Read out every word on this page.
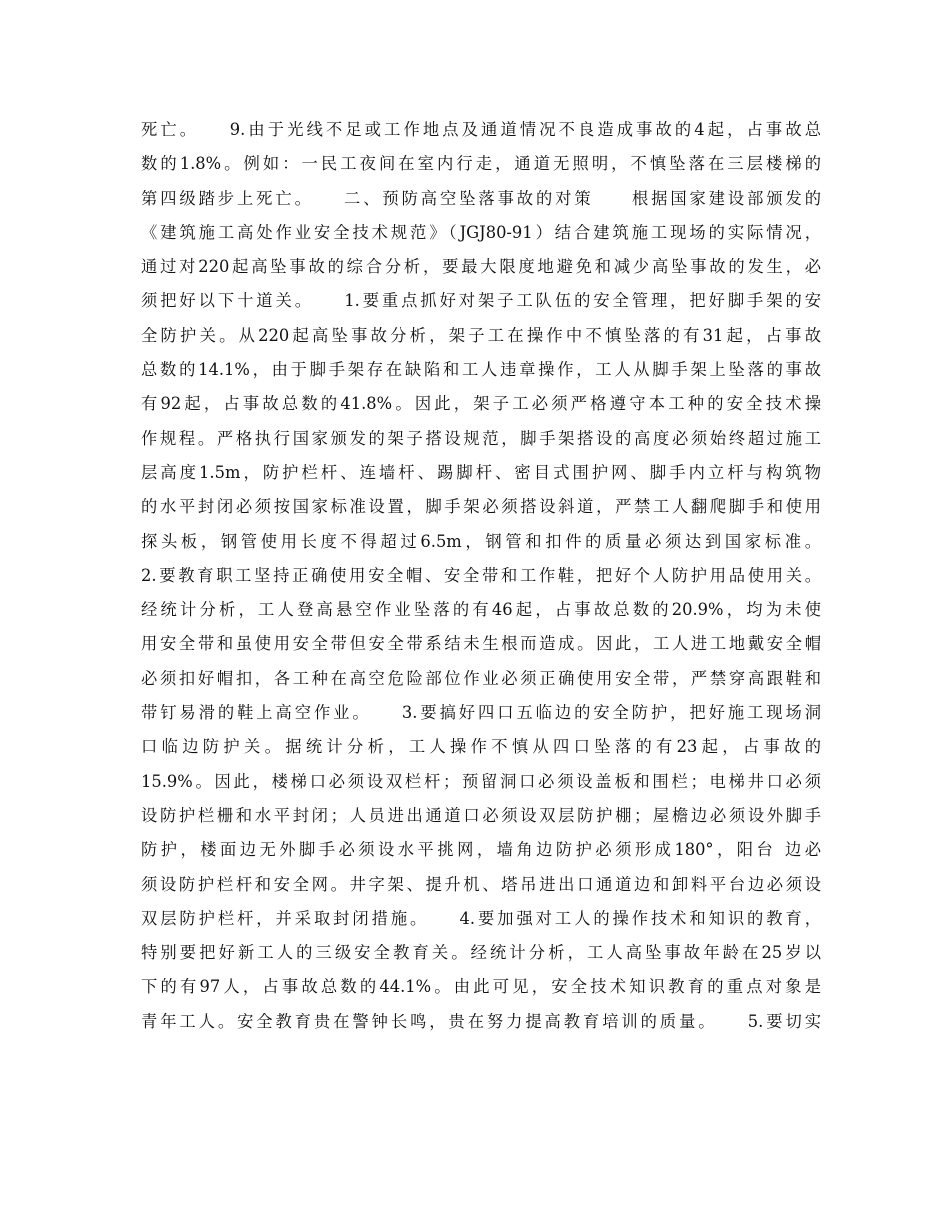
死亡。　　9.由于光线不足或工作地点及通道情况不良造成事故的4起，占事故总
数的1.8%。例如：一民工夜间在室内行走，通道无照明，不慎坠落在三层楼梯的
第四级踏步上死亡。　　二、预防高空坠落事故的对策　　根据国家建设部颁发的
《建筑施工高处作业安全技术规范》（JGJ80-91）结合建筑施工现场的实际情况，
通过对220起高坠事故的综合分析，要最大限度地避免和减少高坠事故的发生，必
须把好以下十道关。　　1.要重点抓好对架子工队伍的安全管理，把好脚手架的安
全防护关。从220起高坠事故分析，架子工在操作中不慎坠落的有31起，占事故
总数的14.1%，由于脚手架存在缺陷和工人违章操作，工人从脚手架上坠落的事故
有92起，占事故总数的41.8%。因此，架子工必须严格遵守本工种的安全技术操
作规程。严格执行国家颁发的架子搭设规范，脚手架搭设的高度必须始终超过施工
层高度1.5m，防护栏杆、连墙杆、踢脚杆、密目式围护网、脚手内立杆与构筑物
的水平封闭必须按国家标准设置，脚手架必须搭设斜道，严禁工人翻爬脚手和使用
探头板，钢管使用长度不得超过6.5m，钢管和扣件的质量必须达到国家标准。
2.要教育职工坚持正确使用安全帽、安全带和工作鞋，把好个人防护用品使用关。
经统计分析，工人登高悬空作业坠落的有46起，占事故总数的20.9%，均为未使
用安全带和虽使用安全带但安全带系结未生根而造成。因此，工人进工地戴安全帽
必须扣好帽扣，各工种在高空危险部位作业必须正确使用安全带，严禁穿高跟鞋和
带钉易滑的鞋上高空作业。　　3.要搞好四口五临边的安全防护，把好施工现场洞
口临边防护关。据统计分析，工人操作不慎从四口坠落的有23起，占事故的
15.9%。因此，楼梯口必须设双栏杆；预留洞口必须设盖板和围栏；电梯井口必须
设防护栏栅和水平封闭；人员进出通道口必须设双层防护棚；屋檐边必须设外脚手
防护，楼面边无外脚手必须设水平挑网，墙角边防护必须形成180°，阳台 边必
须设防护栏杆和安全网。井字架、提升机、塔吊进出口通道边和卸料平台边必须设
双层防护栏杆，并采取封闭措施。　　4.要加强对工人的操作技术和知识的教育，
特别要把好新工人的三级安全教育关。经统计分析，工人高坠事故年龄在25岁以
下的有97人，占事故总数的44.1%。由此可见，安全技术知识教育的重点对象是
青年工人。安全教育贵在警钟长鸣，贵在努力提高教育培训的质量。　　5.要切实
